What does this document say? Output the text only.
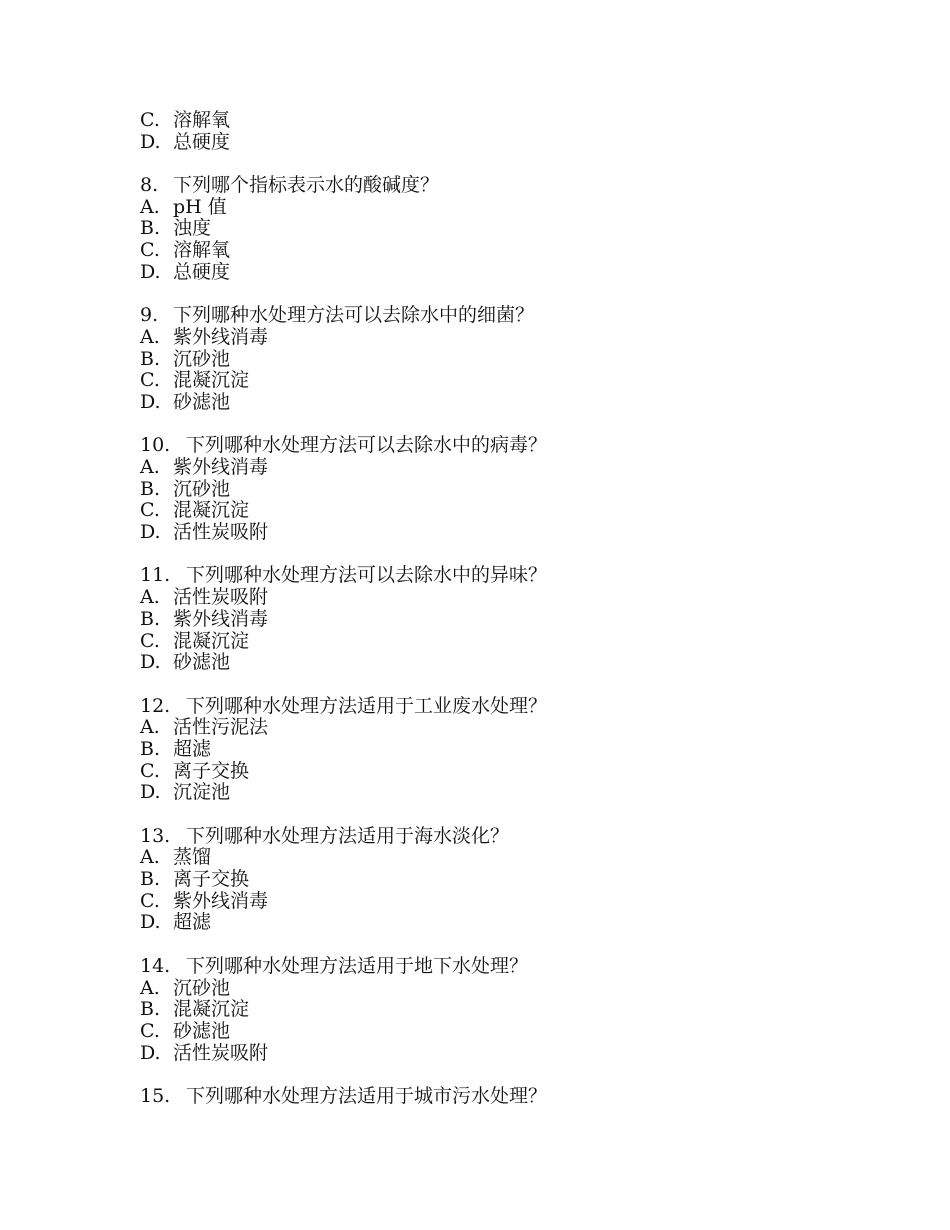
C. 溶解氧
D. 总硬度
8. 下列哪个指标表示水的酸碱度？
A. pH 值
B. 浊度
C. 溶解氧
D. 总硬度
9. 下列哪种水处理方法可以去除水中的细菌？
A. 紫外线消毒
B. 沉砂池
C. 混凝沉淀
D. 砂滤池
10. 下列哪种水处理方法可以去除水中的病毒？
A. 紫外线消毒
B. 沉砂池
C. 混凝沉淀
D. 活性炭吸附
11. 下列哪种水处理方法可以去除水中的异味？
A. 活性炭吸附
B. 紫外线消毒
C. 混凝沉淀
D. 砂滤池
12. 下列哪种水处理方法适用于工业废水处理？
A. 活性污泥法
B. 超滤
C. 离子交换
D. 沉淀池
13. 下列哪种水处理方法适用于海水淡化？
A. 蒸馏
B. 离子交换
C. 紫外线消毒
D. 超滤
14. 下列哪种水处理方法适用于地下水处理？
A. 沉砂池
B. 混凝沉淀
C. 砂滤池
D. 活性炭吸附
15. 下列哪种水处理方法适用于城市污水处理？
